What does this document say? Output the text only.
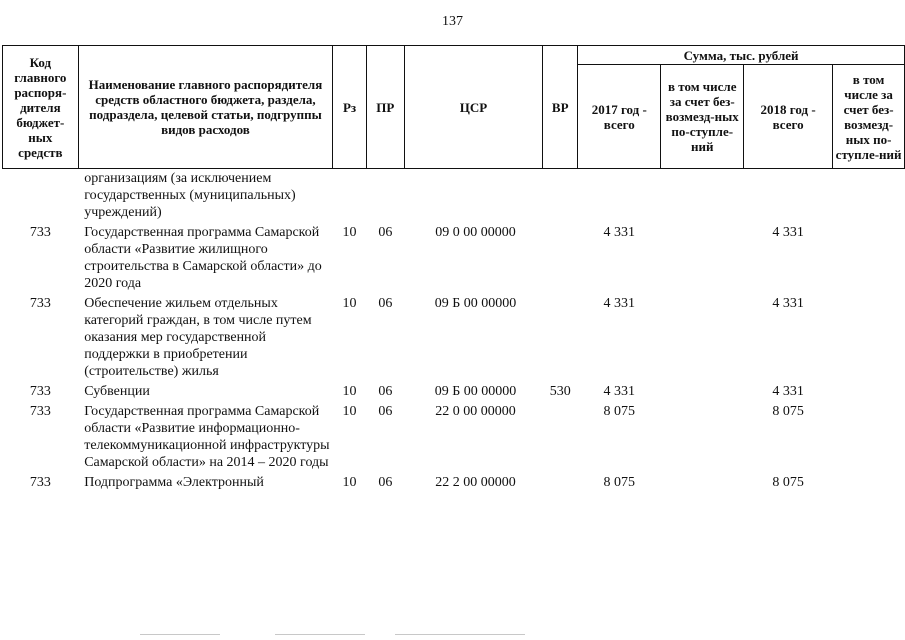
137
Код главного распоря-дителя бюджет-ных средств	Наименование главного распорядителя средств областного бюджета, раздела, подраздела, целевой статьи, подгруппы видов расходов	Рз	ПР	ЦСР	ВР	Сумма, тыс. рублей			
						2017 год - всего	в том числе за счет без-возмезд-ных по-ступле-ний	2018 год - всего	в том числе за счет без-возмезд-ных по-ступле-ний
	организациям (за исключением государственных (муниципальных) учреждений)								
733	Государственная программа Самарской области «Развитие жилищного строительства в Самарской области» до 2020 года	10	06	09 0 00 00000		4 331		4 331	
733	Обеспечение жильем отдельных категорий граждан, в том числе путем оказания мер государственной поддержки в приобретении (строительстве) жилья	10	06	09 Б 00 00000		4 331		4 331	
733	Субвенции	10	06	09 Б 00 00000	530	4 331		4 331	
733	Государственная программа Самарской области «Развитие информационно-телекоммуникационной инфраструктуры Самарской области» на 2014 – 2020 годы	10	06	22 0 00 00000		8 075		8 075	
733	Подпрограмма «Электронный	10	06	22 2 00 00000		8 075		8 075	
